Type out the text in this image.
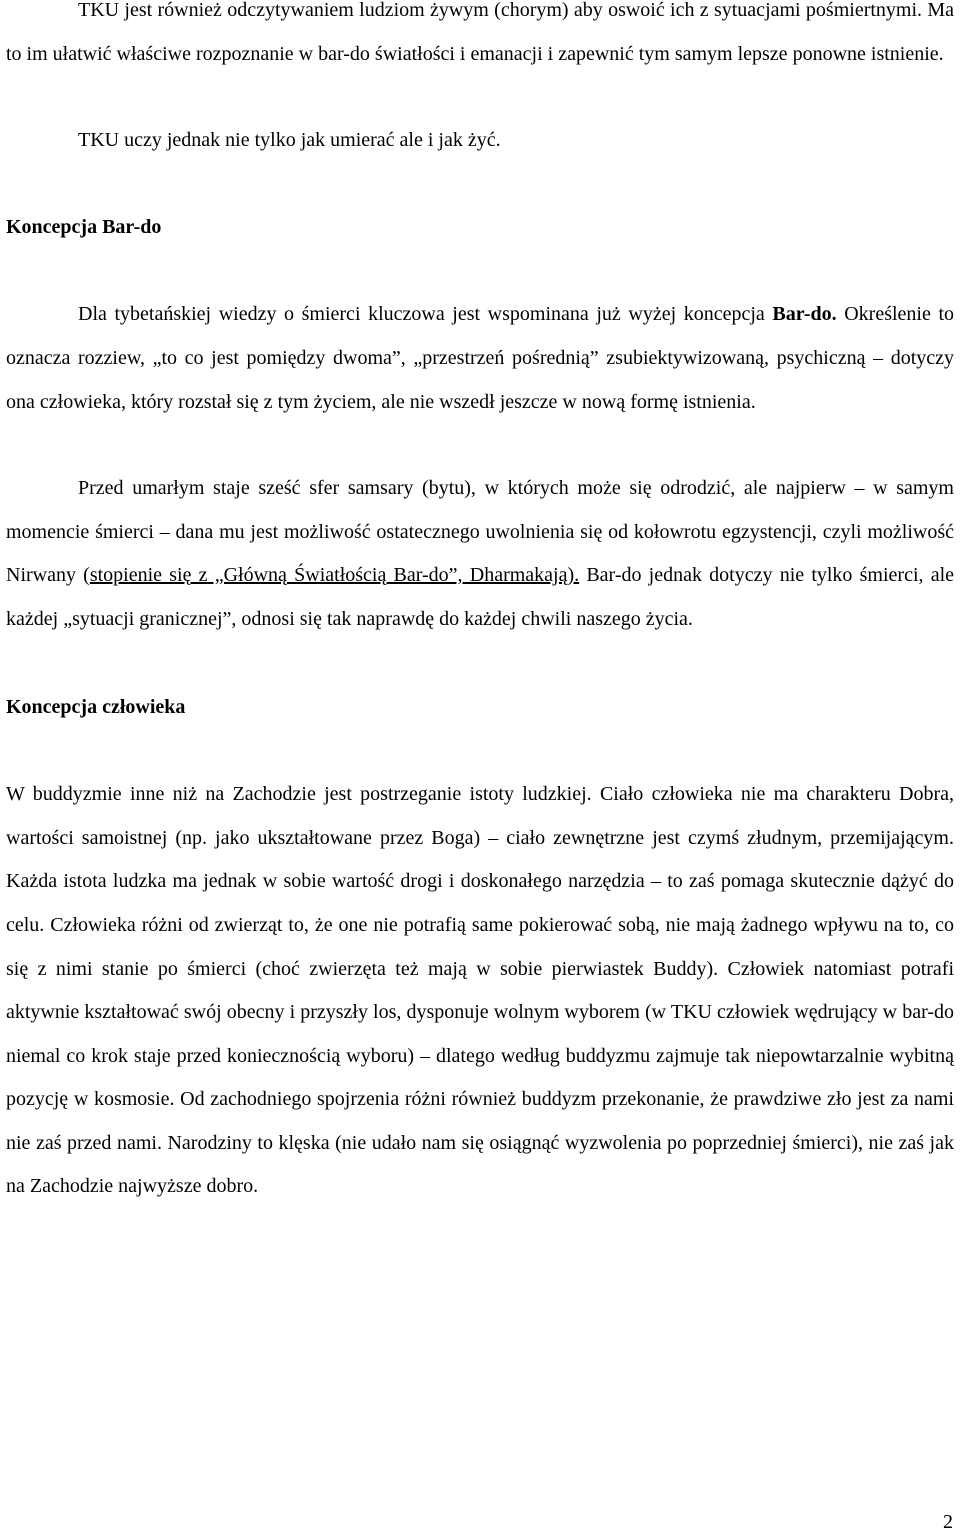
TKU jest również odczytywaniem ludziom żywym (chorym) aby oswoić ich z sytuacjami pośmiertnymi. Ma to im ułatwić właściwe rozpoznanie w bar-do światłości i emanacji i zapewnić tym samym lepsze ponowne istnienie.

TKU uczy jednak nie tylko jak umierać ale i jak żyć.

Koncepcja Bar-do

Dla tybetańskiej wiedzy o śmierci kluczowa jest wspominana już wyżej koncepcja Bar-do. Określenie to oznacza rozziew, „to co jest pomiędzy dwoma”, „przestrzeń pośrednią” zsubiektywizowaną, psychiczną – dotyczy ona człowieka, który rozstał się z tym życiem, ale nie wszedł jeszcze w nową formę istnienia.

Przed umarłym staje sześć sfer samsary (bytu), w których może się odrodzić, ale najpierw – w samym momencie śmierci – dana mu jest możliwość ostatecznego uwolnienia się od kołowrotu egzystencji, czyli możliwość Nirwany (stopienie się z „Główną Światłością Bar-do”, Dharmakają). Bar-do jednak dotyczy nie tylko śmierci, ale każdej „sytuacji granicznej”, odnosi się tak naprawdę do każdej chwili naszego życia.

Koncepcja człowieka

W buddyzmie inne niż na Zachodzie jest postrzeganie istoty ludzkiej. Ciało człowieka nie ma charakteru Dobra, wartości samoistnej (np. jako ukształtowane przez Boga) – ciało zewnętrzne jest czymś złudnym, przemijającym. Każda istota ludzka ma jednak w sobie wartość drogi i doskonałego narzędzia – to zaś pomaga skutecznie dążyć do celu. Człowieka różni od zwierząt to, że one nie potrafią same pokierować sobą, nie mają żadnego wpływu na to, co się z nimi stanie po śmierci (choć zwierzęta też mają w sobie pierwiastek Buddy). Człowiek natomiast potrafi aktywnie kształtować swój obecny i przyszły los, dysponuje wolnym wyborem (w TKU człowiek wędrujący w bar-do niemal co krok staje przed koniecznością wyboru) – dlatego według buddyzmu zajmuje tak niepowtarzalnie wybitną pozycję w kosmosie. Od zachodniego spojrzenia różni również buddyzm przekonanie, że prawdziwe zło jest za nami nie zaś przed nami. Narodziny to klęska (nie udało nam się osiągnąć wyzwolenia po poprzedniej śmierci), nie zaś jak na Zachodzie najwyższe dobro.

2
